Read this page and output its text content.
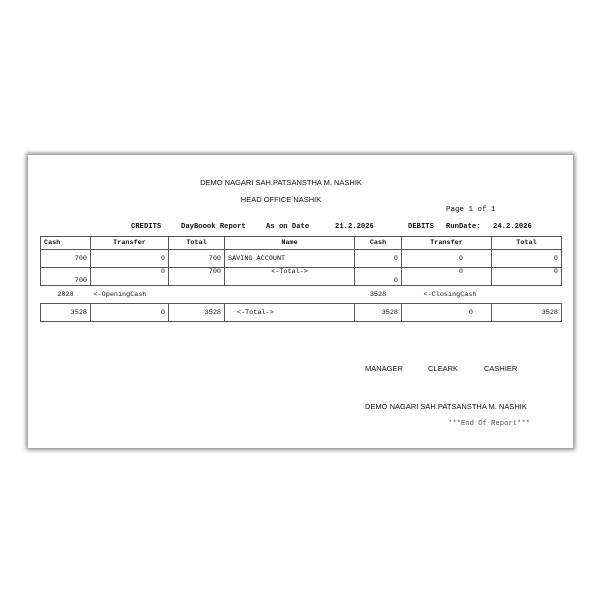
DEMO NAGARI SAH.PATSANSTHA M. NASHIK
HEAD OFFICE NASHIK
Page 1 of 1
CREDITS	DayBoook Report	As on Date	21.2.2026	DEBITS RunDate: 24.2.2026
Cash	Transfer	Total	Name	Cash	Transfer	Total
700	0	700	SAVING ACCOUNT	0	0	0
700	0	700	<-Total->	0	0	0
2828	<-OpeningCash			3528	<-ClosingCash	
3528	0	3528	<-Total->	3528	0	3528
MANAGER	CLEARK	CASHIER
DEMO NAGARI SAH.PATSANSTHA M. NASHIK
***End Of Report***
